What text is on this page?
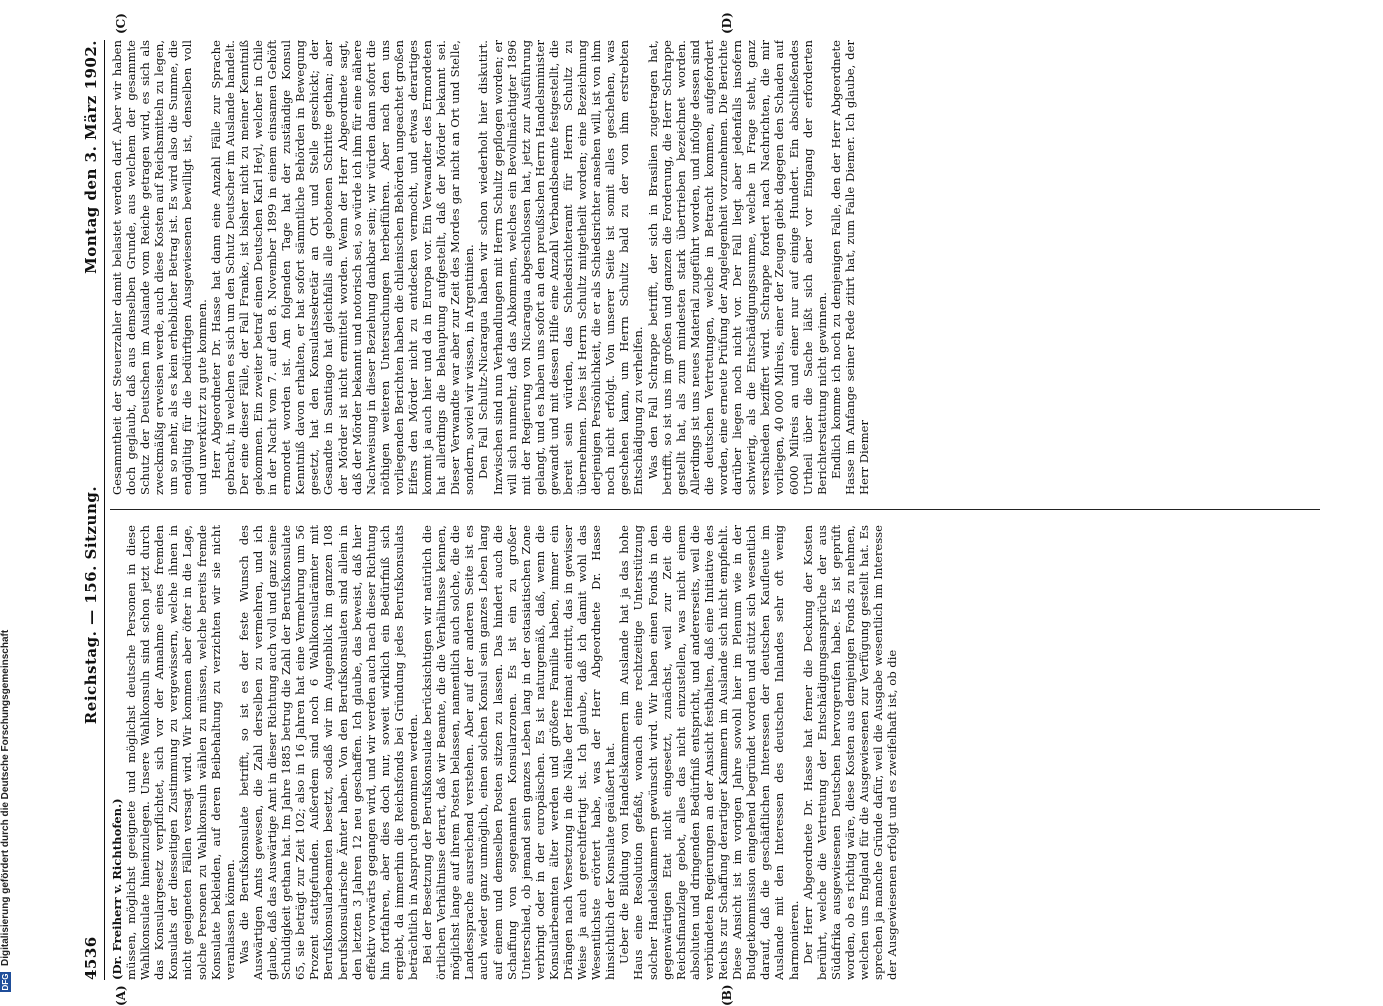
DFG
Digitalisierung gefördert durch die Deutsche Forschungsgemeinschaft	4536
Reichstag. — 156. Sitzung.
Montag den 3. März 1902.
(A)	(B)
(C)	(D)

(Dr. Freiherr v. Richthofen.) müssen, möglichst geeignete und möglichst deutsche Personen in diese Wahlkonsulate hineinzulegen. Unsere Wahlkonsuln sind schon jetzt durch das Konsulargesetz verpflichtet, sich vor der Annahme eines fremden Konsulats der diesseitigen Zustimmung zu vergewissern, welche ihnen in nicht geeigneten Fällen versagt wird. Wir kommen aber öfter in die Lage, solche Personen zu Wahlkonsuln wählen zu müssen, welche bereits fremde Konsulate bekleiden, auf deren Beibehaltung zu verzichten wir sie nicht veranlassen können. Was die Berufskonsulate betrifft, so ist es der feste Wunsch des Auswärtigen Amts gewesen, die Zahl derselben zu vermehren, und ich glaube, daß das Auswärtige Amt in dieser Richtung auch voll und ganz seine Schuldigkeit gethan hat. Im Jahre 1885 betrug die Zahl der Berufskonsulate 65, sie beträgt zur Zeit 102; also in 16 Jahren hat eine Vermehrung um 56 Prozent stattgefunden. Außerdem sind noch 6 Wahlkonsularämter mit Berufskonsularbeamten besetzt, sodaß wir im Augenblick im ganzen 108 berufskonsularische Ämter haben. Von den Berufskonsulaten sind allein in den letzten 3 Jahren 12 neu geschaffen. Ich glaube, das beweist, daß hier effektiv vorwärts gegangen wird, und wir werden auch nach dieser Richtung hin fortfahren, aber dies doch nur, soweit wirklich ein Bedürfniß sich ergiebt, da immerhin die Reichsfonds bei Gründung jedes Berufskonsulats beträchtlich in Anspruch genommen werden. Bei der Besetzung der Berufskonsulate berücksichtigen wir natürlich die örtlichen Verhältnisse derart, daß wir Beamte, die die Verhältnisse kennen, möglichst lange auf ihrem Posten belassen, namentlich auch solche, die die Landessprache ausreichend verstehen. Aber auf der anderen Seite ist es auch wieder ganz unmöglich, einen solchen Konsul sein ganzes Leben lang auf einem und demselben Posten sitzen zu lassen. Das hindert auch die Schaffung von sogenannten Konsularzonen. Es ist ein zu großer Unterschied, ob jemand sein ganzes Leben lang in der ostasiatischen Zone verbringt oder in der europäischen. Es ist naturgemäß, daß, wenn die Konsularbeamten älter werden und größere Familie haben, immer ein Drängen nach Versetzung in die Nähe der Heimat eintritt, das in gewisser Weise ja auch gerechtfertigt ist. Ich glaube, daß ich damit wohl das Wesentlichste erörtert habe, was der Herr Abgeordnete Dr. Hasse hinsichtlich der Konsulate geäußert hat. Ueber die Bildung von Handelskammern im Auslande hat ja das hohe Haus eine Resolution gefaßt, wonach eine rechtzeitige Unterstützung solcher Handelskammern gewünscht wird. Wir haben einen Fonds in den gegenwärtigen Etat nicht eingesetzt, zunächst, weil zur Zeit die Reichsfinanzlage gebot, alles das nicht einzustellen, was nicht einem absoluten und dringenden Bedürfniß entspricht, und andererseits, weil die verbündeten Regierungen an der Ansicht festhalten, daß eine Initiative des Reichs zur Schaffung derartiger Kammern im Auslande sich nicht empfiehlt. Diese Ansicht ist im vorigen Jahre sowohl hier im Plenum wie in der Budgetkommission eingehend begründet worden und stützt sich wesentlich darauf, daß die geschäftlichen Interessen der deutschen Kaufleute im Auslande mit den Interessen des deutschen Inlandes sehr oft wenig harmonieren. Der Herr Abgeordnete Dr. Hasse hat ferner die Deckung der Kosten berührt, welche die Vertretung der Entschädigungsansprüche der aus Südafrika ausgewiesenen Deutschen hervorgerufen habe. Es ist geprüft worden, ob es richtig wäre, diese Kosten aus demjenigen Fonds zu nehmen, welchen uns England für die Ausgewiesenen zur Verfügung gestellt hat. Es sprechen ja manche Gründe dafür, weil die Ausgabe wesentlich im Interesse der Ausgewiesenen erfolgt und es zweifelhaft ist, ob die

Gesammtheit der Steuerzahler damit belastet werden darf. Aber wir haben doch geglaubt, daß aus demselben Grunde, aus welchem der gesammte Schutz der Deutschen im Auslande vom Reiche getragen wird, es sich als zweckmäßig erweisen werde, auch diese Kosten auf Reichsmitteln zu legen, um so mehr, als es kein erheblicher Betrag ist. Es wird also die Summe, die endgültig für die bedürftigen Ausgewiesenen bewilligt ist, denselben voll und unverkürzt zu gute kommen. Herr Abgeordneter Dr. Hasse hat dann eine Anzahl Fälle zur Sprache gebracht, in welchen es sich um den Schutz Deutscher im Auslande handelt. Der eine dieser Fälle, der Fall Franke, ist bisher nicht zu meiner Kenntniß gekommen. Ein zweiter betraf einen Deutschen Karl Heyl, welcher in Chile in der Nacht vom 7. auf den 8. November 1899 in einem einsamen Gehöft ermordet worden ist. Am folgenden Tage hat der zuständige Konsul Kenntniß davon erhalten, er hat sofort sämmtliche Behörden in Bewegung gesetzt, hat den Konsulatssekretär an Ort und Stelle geschickt; der Gesandte in Santiago hat gleichfalls alle gebotenen Schritte gethan; aber der Mörder ist nicht ermittelt worden. Wenn der Herr Abgeordnete sagt, daß der Mörder bekannt und notorisch sei, so würde ich ihm für eine nähere Nachweisung in dieser Beziehung dankbar sein; wir würden dann sofort die nöthigen weiteren Untersuchungen herbeiführen. Aber nach den uns vorliegenden Berichten haben die chilenischen Behörden ungeachtet großen Eifers den Mörder nicht zu entdecken vermocht, und etwas derartiges kommt ja auch hier und da in Europa vor. Ein Verwandter des Ermordeten hat allerdings die Behauptung aufgestellt, daß der Mörder bekannt sei. Dieser Verwandte war aber zur Zeit des Mordes gar nicht an Ort und Stelle, sondern, soviel wir wissen, in Argentinien. Den Fall Schultz-Nicaragua haben wir schon wiederholt hier diskutirt. Inzwischen sind nun Verhandlungen mit Herrn Schultz gepflogen worden; er will sich nunmehr, daß das Abkommen, welches ein Bevollmächtigter 1896 mit der Regierung von Nicaragua abgeschlossen hat, jetzt zur Ausführung gelangt, und es haben uns sofort an den preußischen Herrn Handelsminister gewandt und mit dessen Hilfe eine Anzahl Verbandsbeamte festgestellt, die bereit sein würden, das Schiedsrichteramt für Herrn Schultz zu übernehmen. Dies ist Herrn Schultz mitgetheilt worden; eine Bezeichnung derjenigen Persönlichkeit, die er als Schiedsrichter ansehen will, ist von ihm noch nicht erfolgt. Von unserer Seite ist somit alles geschehen, was geschehen kann, um Herrn Schultz bald zu der von ihm erstrebten Entschädigung zu verhelfen. Was den Fall Schrappe betrifft, der sich in Brasilien zugetragen hat, betrifft, so ist uns im großen und ganzen die Forderung, die Herr Schrappe gestellt hat, als zum mindesten stark übertrieben bezeichnet worden. Allerdings ist uns neues Material zugeführt worden, und infolge dessen sind die deutschen Vertretungen, welche in Betracht kommen, aufgefordert worden, eine erneute Prüfung der Angelegenheit vorzunehmen. Die Berichte darüber liegen noch nicht vor. Der Fall liegt aber jedenfalls insofern schwierig, als die Entschädigungssumme, welche in Frage steht, ganz verschieden beziffert wird. Schrappe fordert nach Nachrichten, die mir vorliegen, 40 000 Milreis, einer der Zeugen giebt dagegen den Schaden auf 6000 Milreis an und einer nur auf einige Hundert. Ein abschließendes Urtheil über die Sache läßt sich aber vor Eingang der erforderten Berichterstattung nicht gewinnen. Endlich komme ich noch zu demjenigen Falle, den der Herr Abgeordnete Hasse im Anfange seiner Rede zitirt hat, zum Falle Diemer. Ich glaube, der Herr Diemer
